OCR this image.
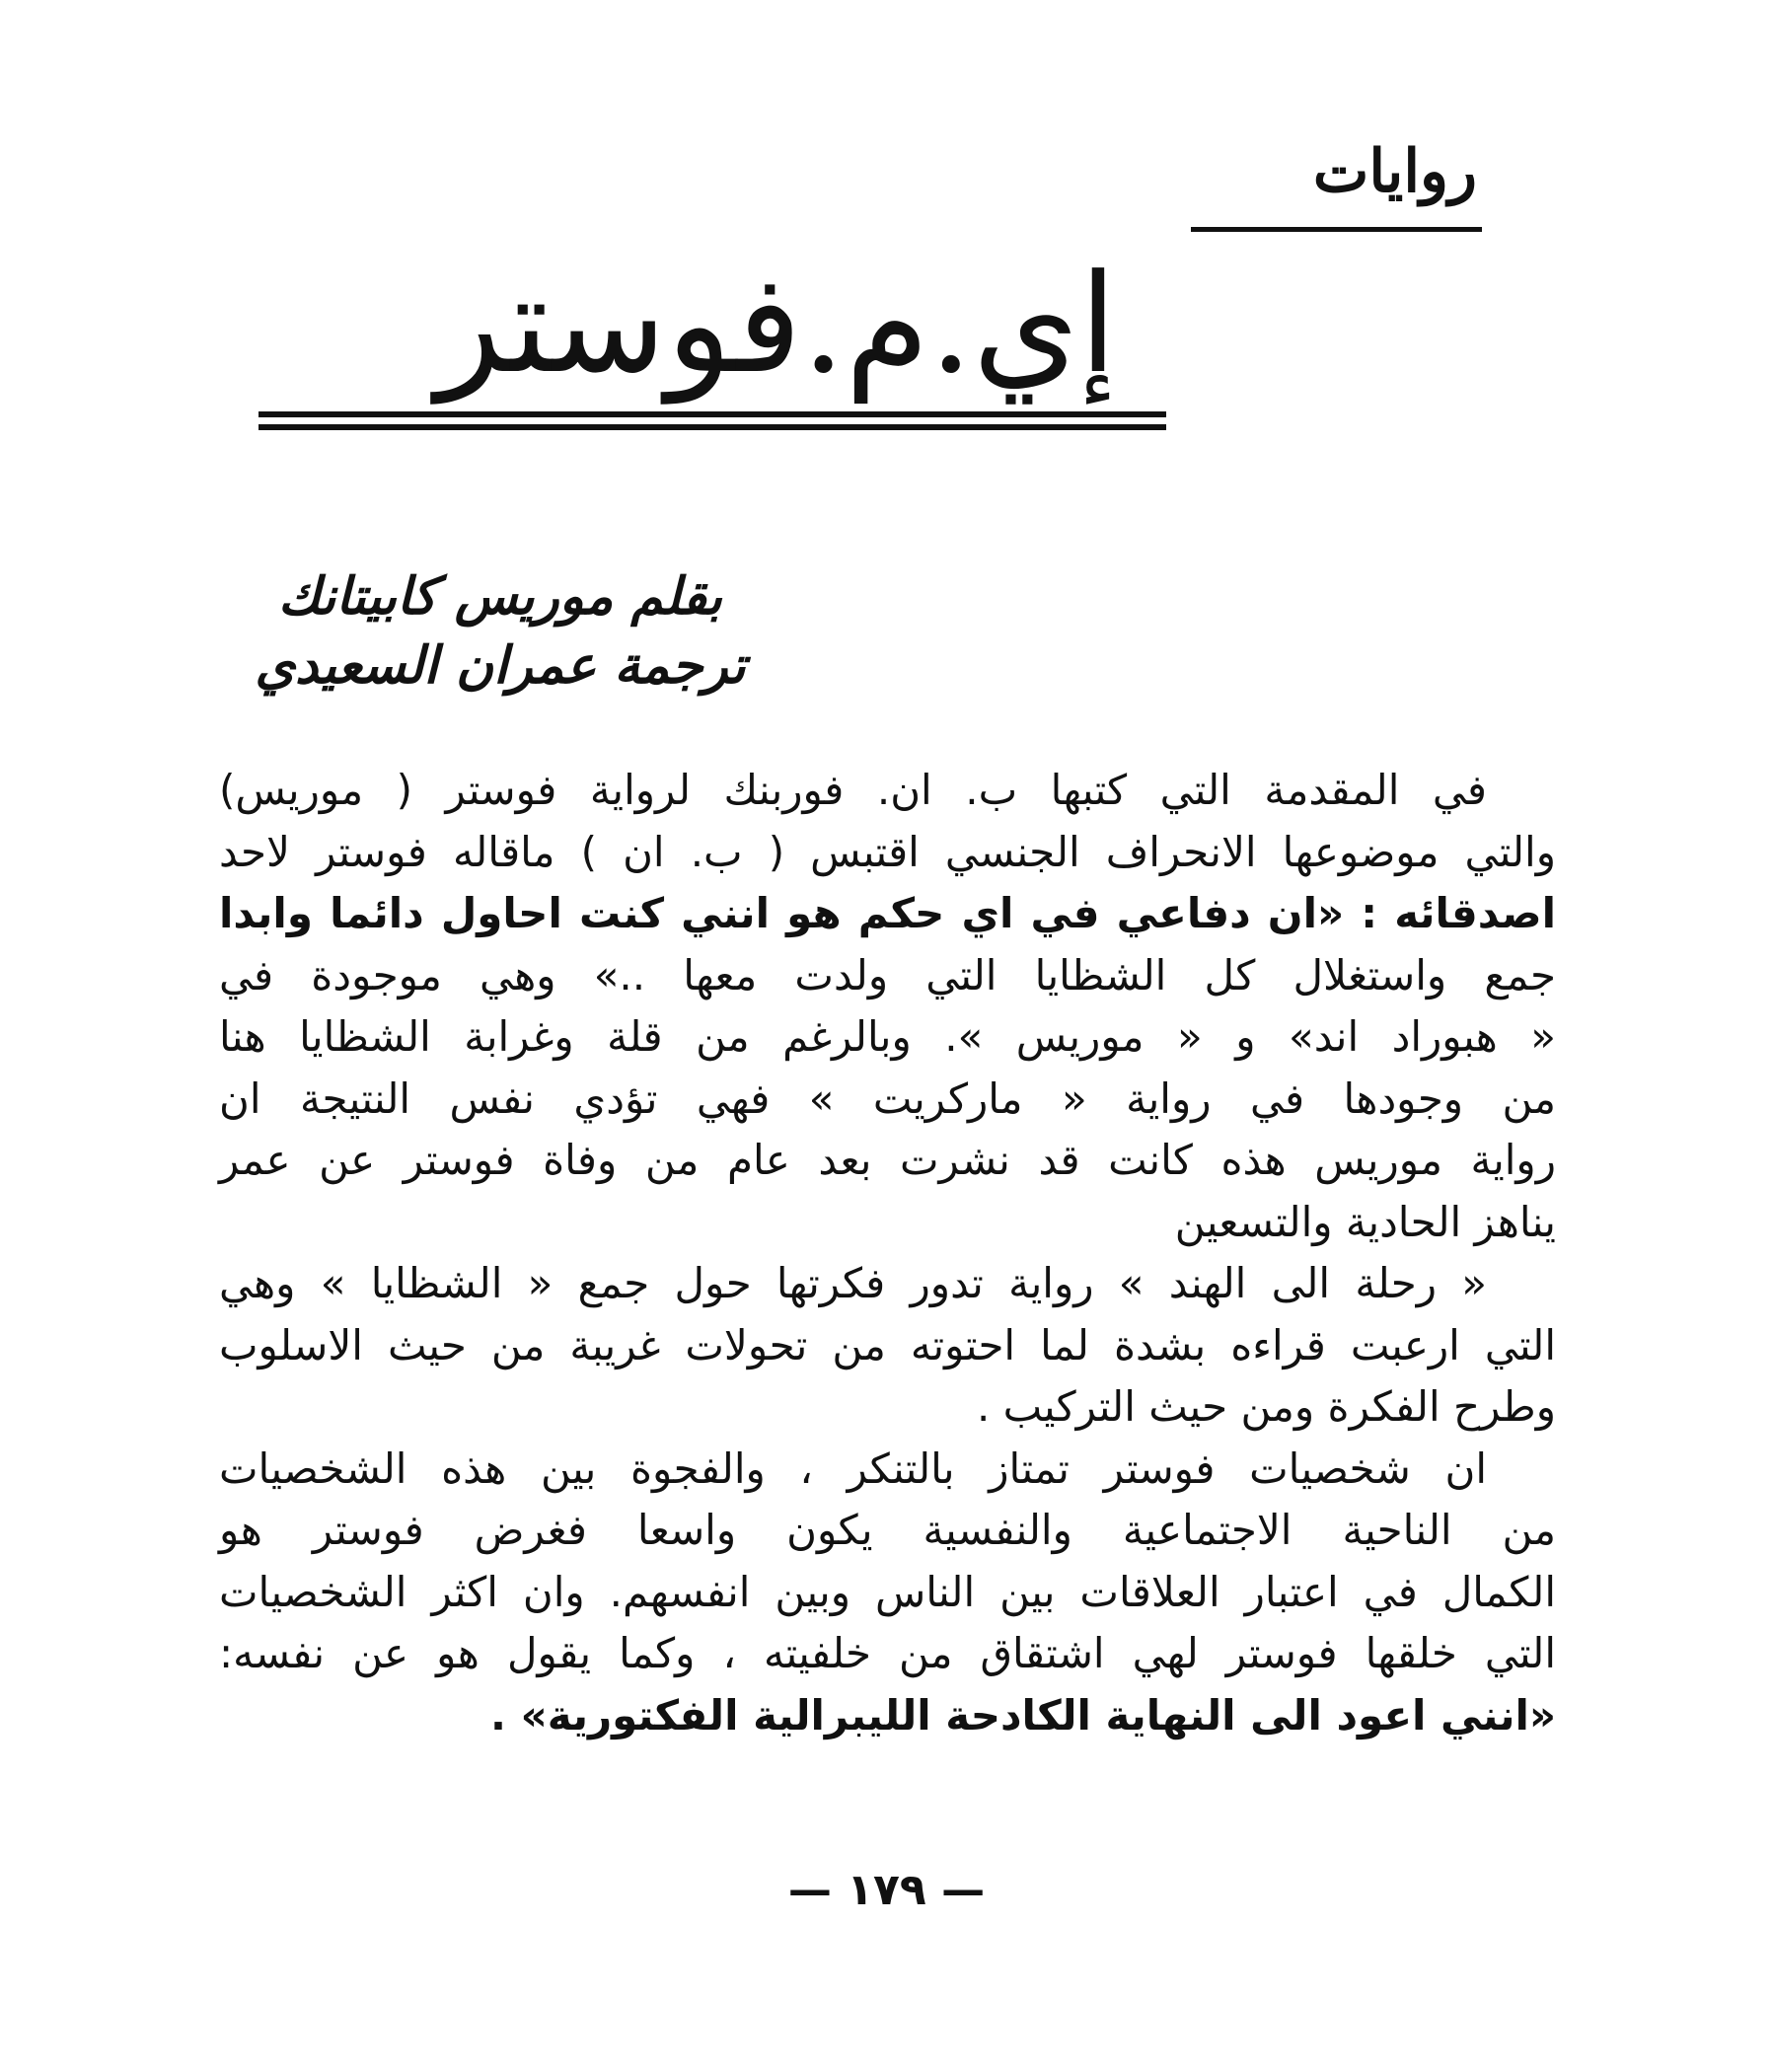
روايات
إي.م.فوستر
بقلم موريس كابيتانك
ترجمة عمران السعيدي
في المقدمة التي كتبها ب. ان. فوربنك لرواية فوستر ( موريس)
والتي موضوعها الانحراف الجنسي اقتبس ( ب. ان ) ماقاله فوستر لاحد
اصدقائه : «ان دفاعي في اي حكم هو انني كنت احاول دائما وابدا
جمع واستغلال كل الشظايا التي ولدت معها ..» وهي موجودة في
« هبوراد اند» و « موريس ». وبالرغم من قلة وغرابة الشظايا هنا
من وجودها في رواية « ماركريت » فهي تؤدي نفس النتيجة ان
رواية موريس هذه كانت قد نشرت بعد عام من وفاة فوستر عن عمر
يناهز الحادية والتسعين
« رحلة الى الهند » رواية تدور فكرتها حول جمع « الشظايا » وهي
التي ارعبت قراءه بشدة لما احتوته من تحولات غريبة من حيث الاسلوب
وطرح الفكرة ومن حيث التركيب .
ان شخصيات فوستر تمتاز بالتنكر ، والفجوة بين هذه الشخصيات
من الناحية الاجتماعية والنفسية يكون واسعا فغرض فوستر هو
الكمال في اعتبار العلاقات بين الناس وبين انفسهم. وان اكثر الشخصيات
التي خلقها فوستر لهي اشتقاق من خلفيته ، وكما يقول هو عن نفسه:
«انني اعود الى النهاية الكادحة الليبرالية الفكتورية» .
— ١٧٩ —
